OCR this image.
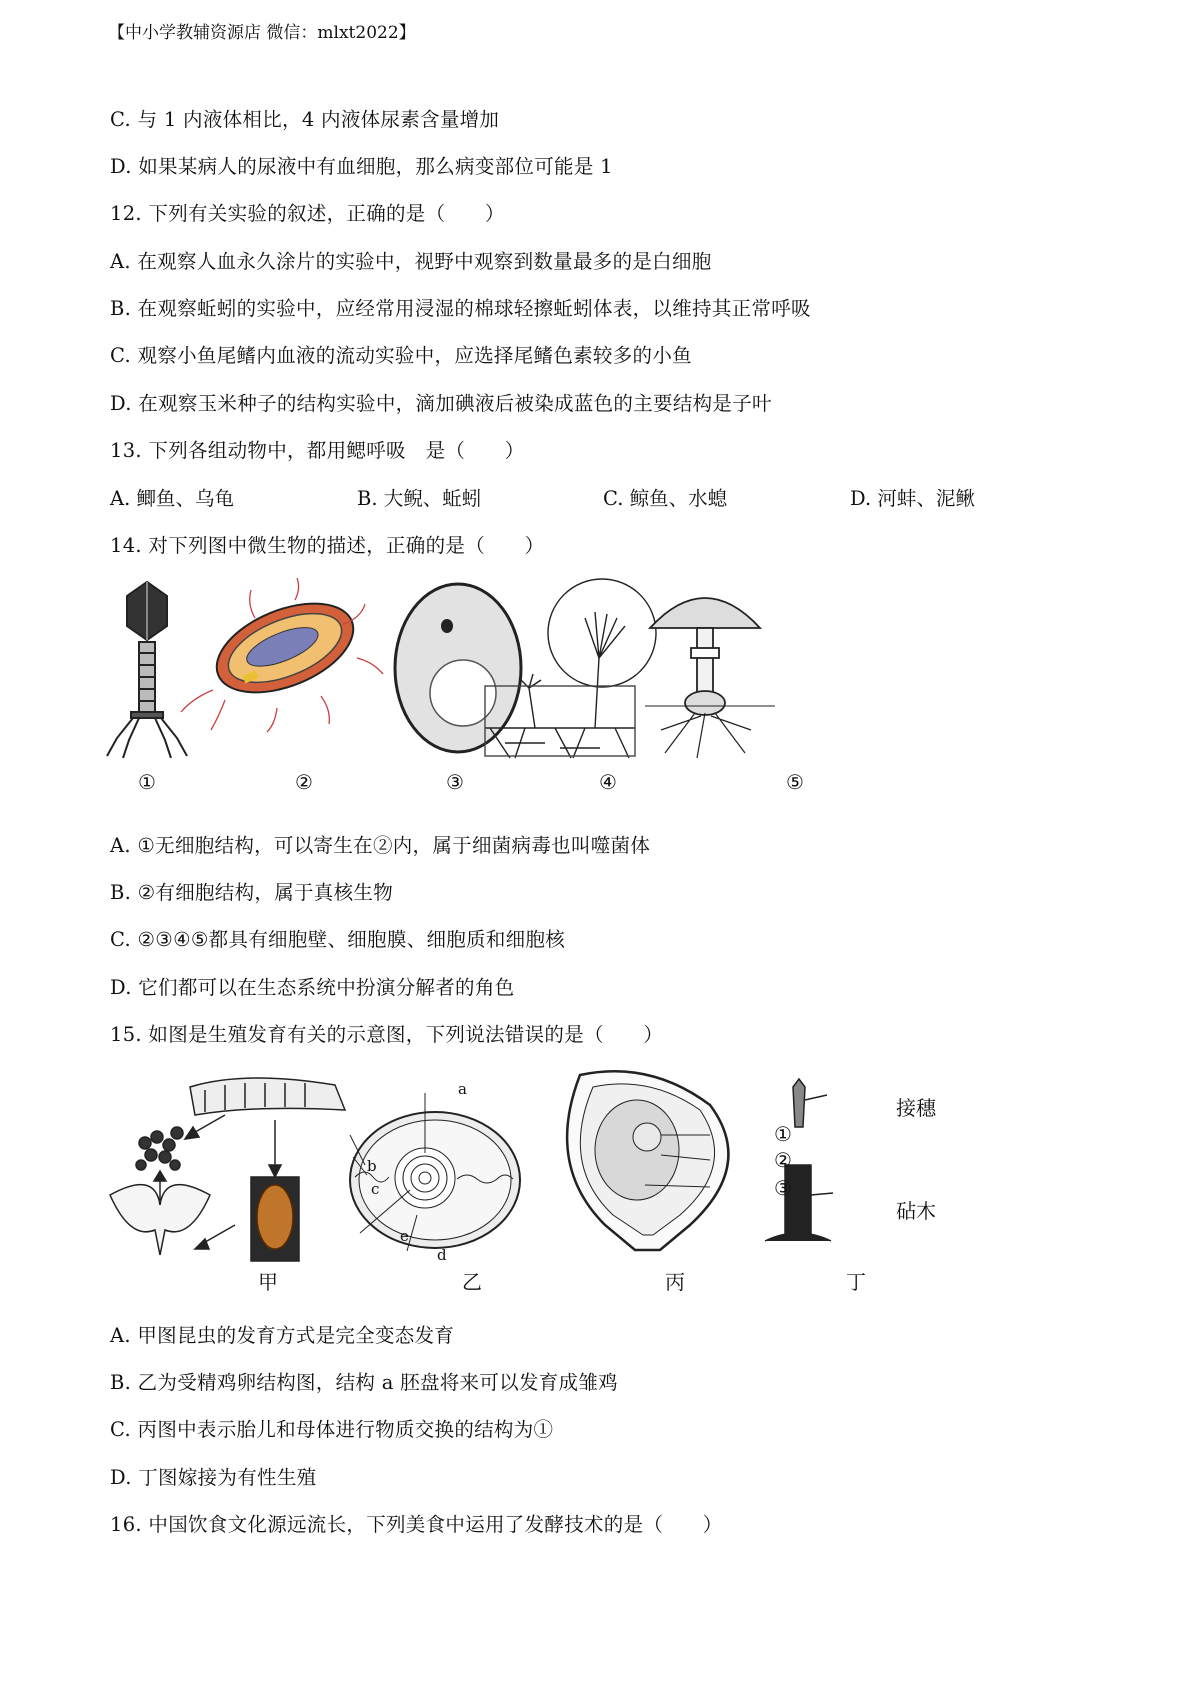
【中小学教辅资源店 微信：mlxt2022】
C. 与 1 内液体相比，4 内液体尿素含量增加
D. 如果某病人的尿液中有血细胞，那么病变部位可能是 1
12. 下列有关实验的叙述，正确的是（　　）
A. 在观察人血永久涂片的实验中，视野中观察到数量最多的是白细胞
B. 在观察蚯蚓的实验中，应经常用浸湿的棉球轻擦蚯蚓体表，以维持其正常呼吸
C. 观察小鱼尾鳍内血液的流动实验中，应选择尾鳍色素较多的小鱼
D. 在观察玉米种子的结构实验中，滴加碘液后被染成蓝色的主要结构是子叶
13. 下列各组动物中，都用鳃呼吸　是（　　）
A. 鲫鱼、乌龟	B. 大鲵、蚯蚓	C. 鲸鱼、水螅	D. 河蚌、泥鳅
14. 对下列图中微生物的描述，正确的是（　　）
①	②	③	④	⑤
A. ①无细胞结构，可以寄生在②内，属于细菌病毒也叫噬菌体
B. ②有细胞结构，属于真核生物
C. ②③④⑤都具有细胞壁、细胞膜、细胞质和细胞核
D. 它们都可以在生态系统中扮演分解者的角色
15. 如图是生殖发育有关的示意图，下列说法错误的是（　　）
a
b
c
d
e
①
②
③
接穗
砧木
甲	乙	丙	丁
A. 甲图昆虫的发育方式是完全变态发育
B. 乙为受精鸡卵结构图，结构 a 胚盘将来可以发育成雏鸡
C. 丙图中表示胎儿和母体进行物质交换的结构为①
D. 丁图嫁接为有性生殖
16. 中国饮食文化源远流长，下列美食中运用了发酵技术的是（　　）
